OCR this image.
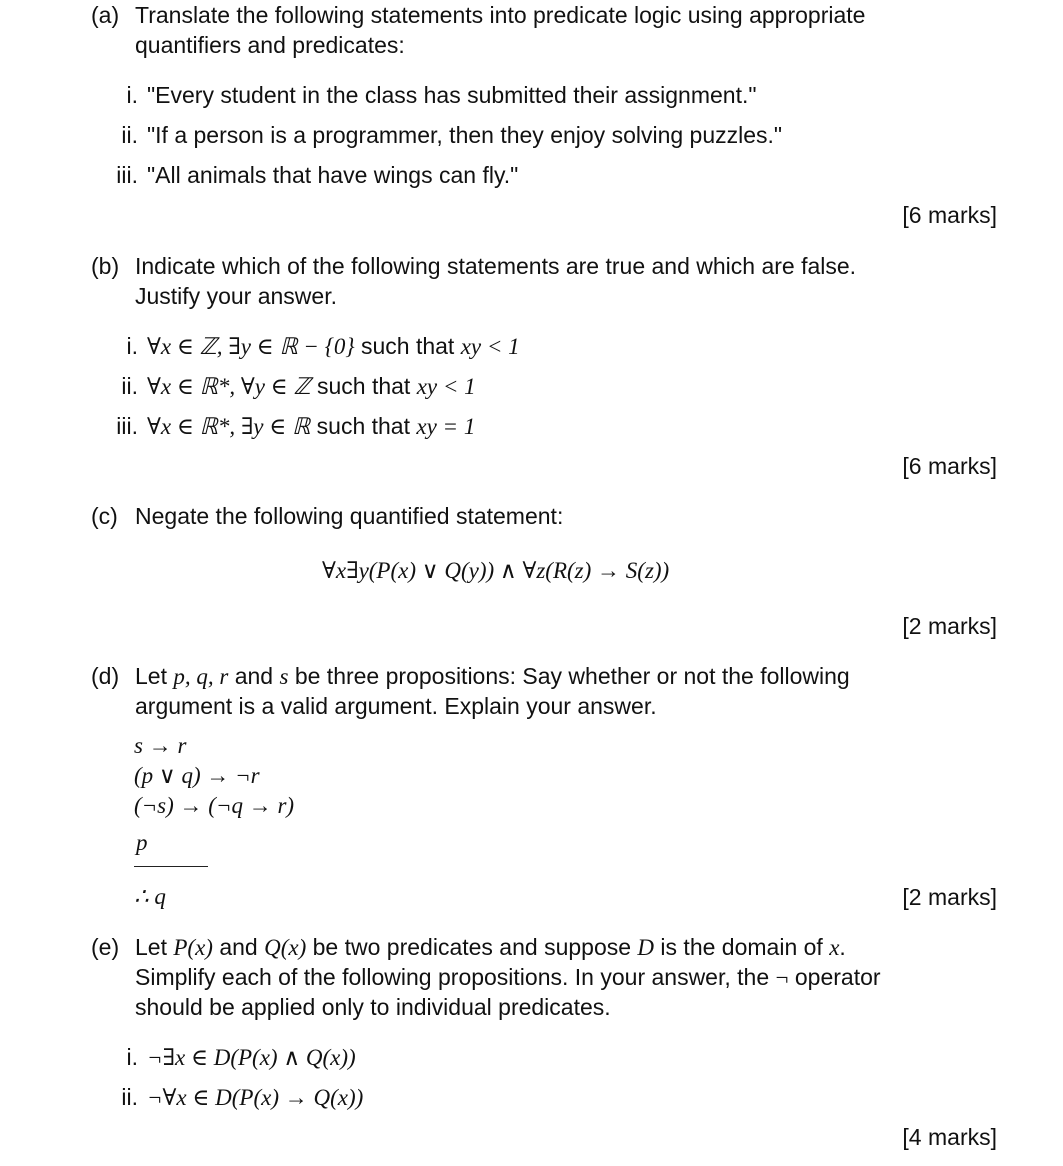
(a) Translate the following statements into predicate logic using appropriate
quantifiers and predicates:
i. "Every student in the class has submitted their assignment."
ii. "If a person is a programmer, then they enjoy solving puzzles."
iii. "All animals that have wings can fly."
[6 marks]
(b) Indicate which of the following statements are true and which are false.
Justify your answer.
i. ∀x ∈ ℤ, ∃y ∈ ℝ − {0} such that xy < 1
ii. ∀x ∈ ℝ*, ∀y ∈ ℤ such that xy < 1
iii. ∀x ∈ ℝ*, ∃y ∈ ℝ such that xy = 1
[6 marks]
(c) Negate the following quantified statement:
∀x∃y(P(x) ∨ Q(y)) ∧ ∀z(R(z) → S(z))
[2 marks]
(d) Let p, q, r and s be three propositions: Say whether or not the following
argument is a valid argument. Explain your answer.
s → r
(p ∨ q) → ¬r
(¬s) → (¬q → r)
p
∴ q	[2 marks]
(e) Let P(x) and Q(x) be two predicates and suppose D is the domain of x.
Simplify each of the following propositions. In your answer, the ¬ operator
should be applied only to individual predicates.
i. ¬∃x ∈ D(P(x) ∧ Q(x))
ii. ¬∀x ∈ D(P(x) → Q(x))
[4 marks]
